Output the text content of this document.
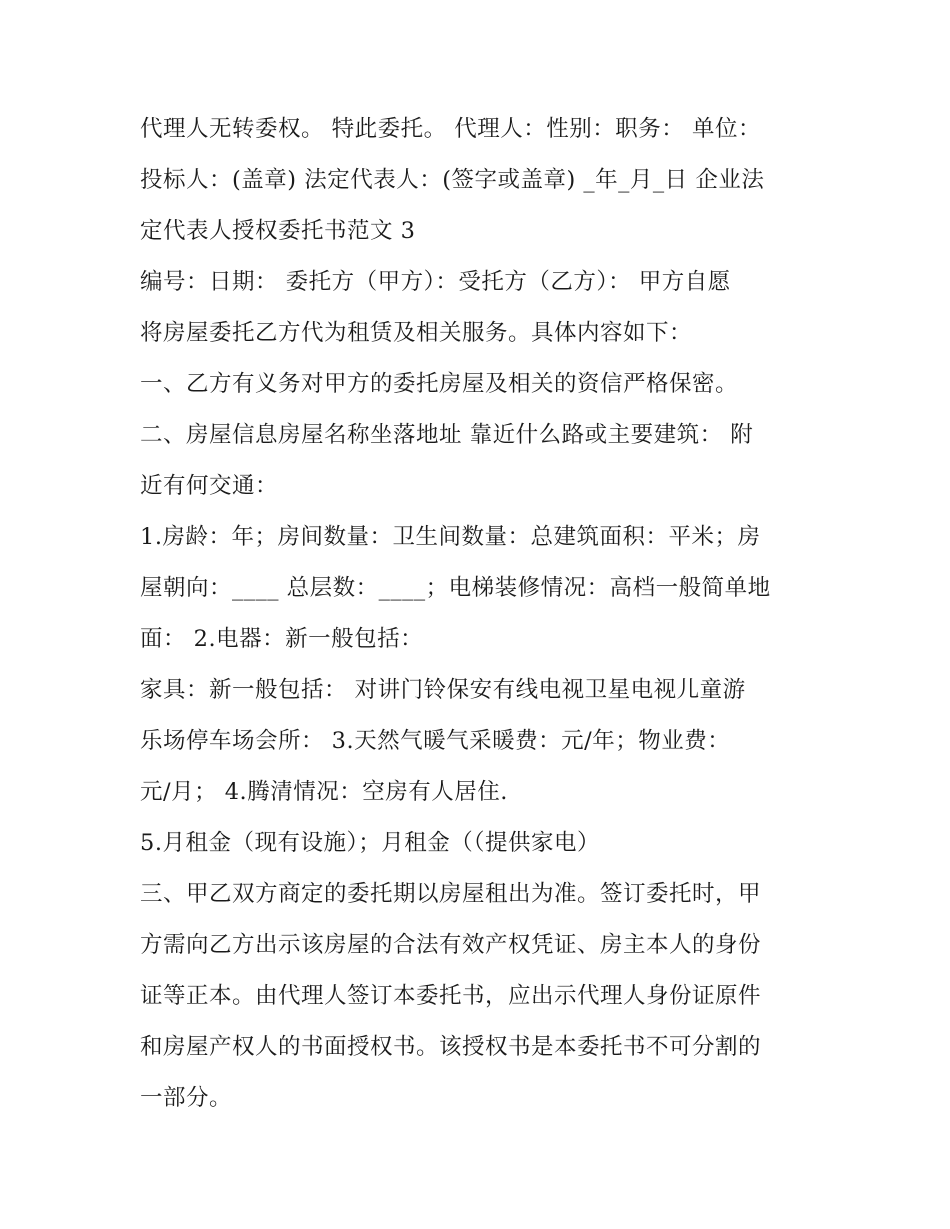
代理人无转委权。 特此委托。 代理人：性别：职务： 单位：
投标人：(盖章) 法定代表人：(签字或盖章) _年_月_日 企业法
定代表人授权委托书范文 3
编号：日期： 委托方（甲方）：受托方（乙方）： 甲方自愿
将房屋委托乙方代为租赁及相关服务。具体内容如下：
一、乙方有义务对甲方的委托房屋及相关的资信严格保密。
二、房屋信息房屋名称坐落地址 靠近什么路或主要建筑： 附
近有何交通：
1.房龄：年；房间数量：卫生间数量：总建筑面积：平米；房
屋朝向：____ 总层数：____；电梯装修情况：高档一般简单地
面： 2.电器：新一般包括：
家具：新一般包括： 对讲门铃保安有线电视卫星电视儿童游
乐场停车场会所： 3.天然气暖气采暖费：元/年；物业费：
元/月； 4.腾清情况：空房有人居住.
5.月租金（现有设施）；月租金（（提供家电）
三、甲乙双方商定的委托期以房屋租出为准。签订委托时，甲
方需向乙方出示该房屋的合法有效产权凭证、房主本人的身份
证等正本。由代理人签订本委托书，应出示代理人身份证原件
和房屋产权人的书面授权书。该授权书是本委托书不可分割的
一部分。
